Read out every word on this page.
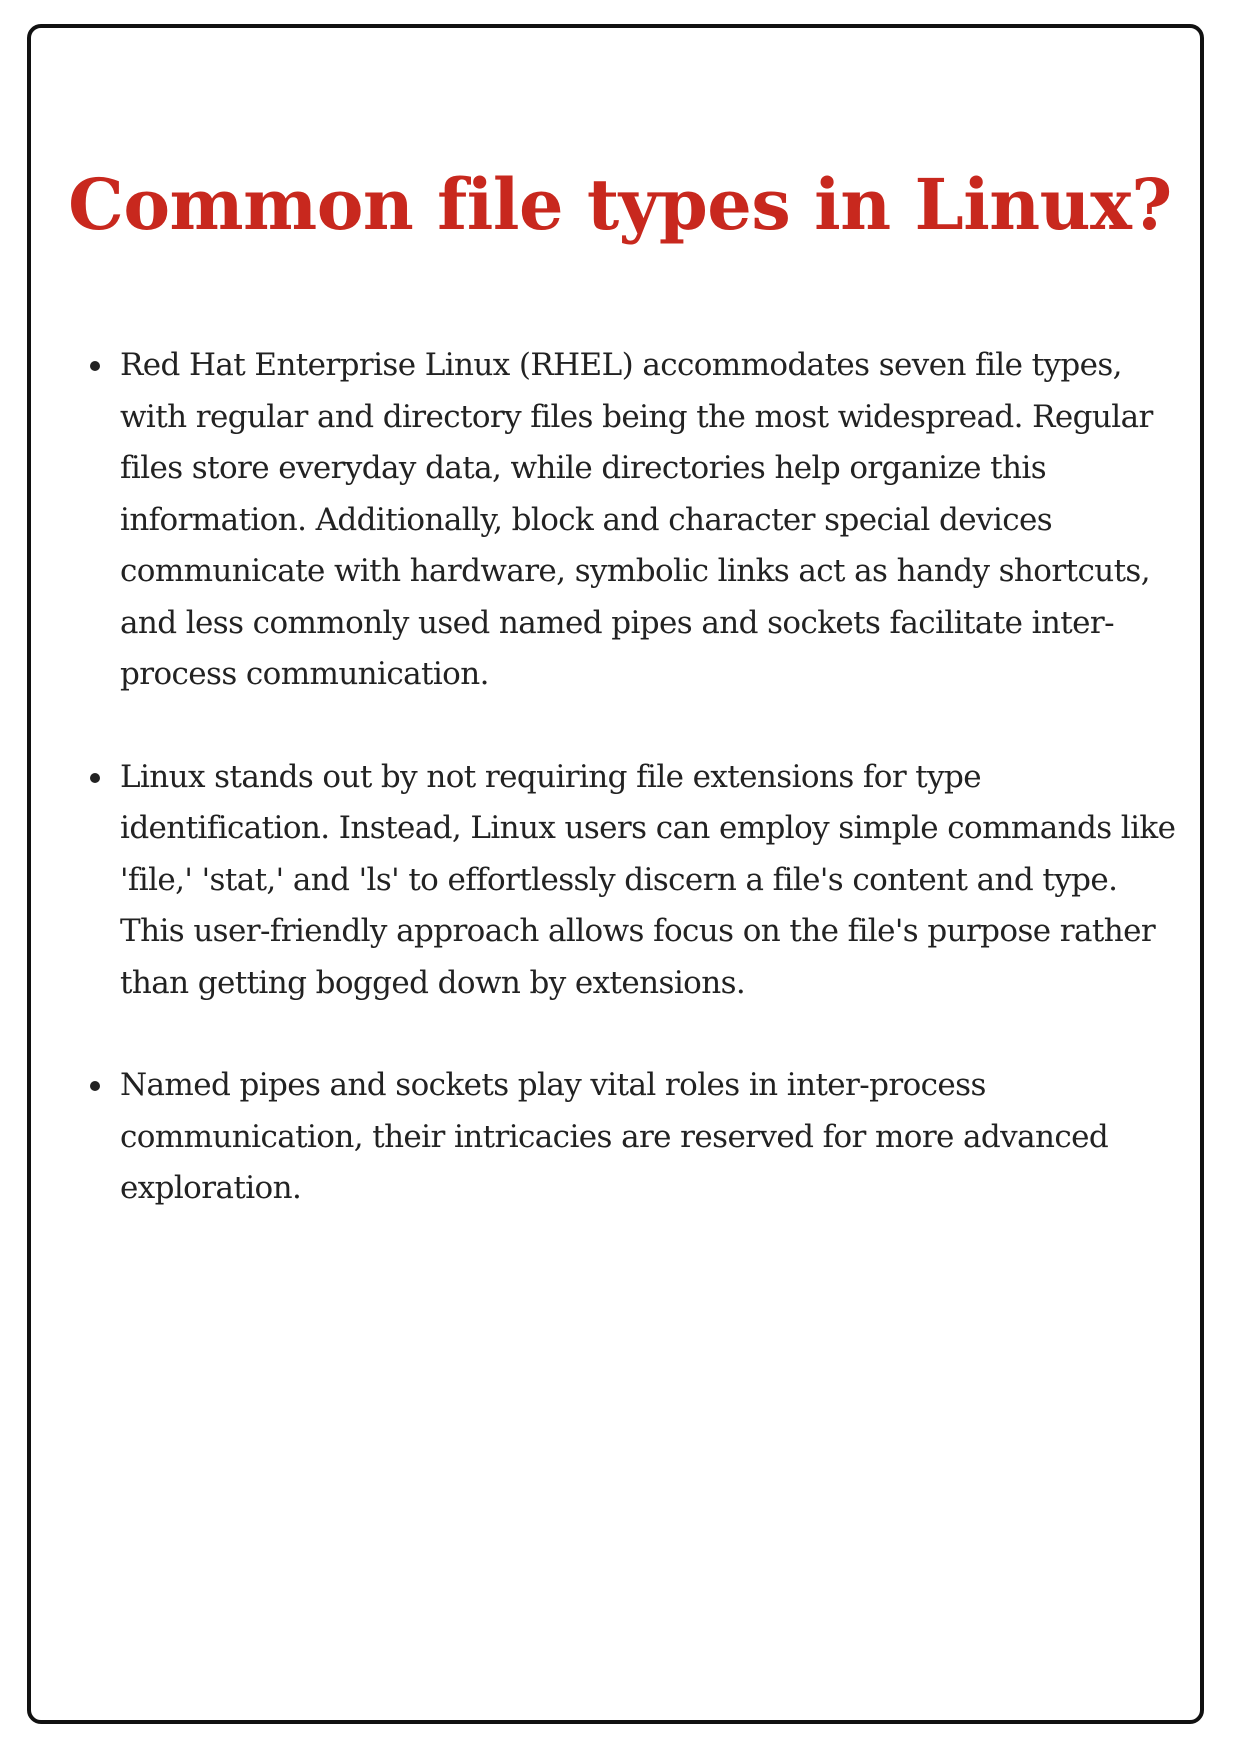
Common file types in Linux?
Red Hat Enterprise Linux (RHEL) accommodates seven file types, with regular and directory files being the most widespread. Regular files store everyday data, while directories help organize this information. Additionally, block and character special devices communicate with hardware, symbolic links act as handy shortcuts, and less commonly used named pipes and sockets facilitate inter-process communication.
Linux stands out by not requiring file extensions for type identification. Instead, Linux users can employ simple commands like 'file,' 'stat,' and 'ls' to effortlessly discern a file's content and type. This user-friendly approach allows focus on the file's purpose rather than getting bogged down by extensions.
Named pipes and sockets play vital roles in inter-process communication, their intricacies are reserved for more advanced exploration.
